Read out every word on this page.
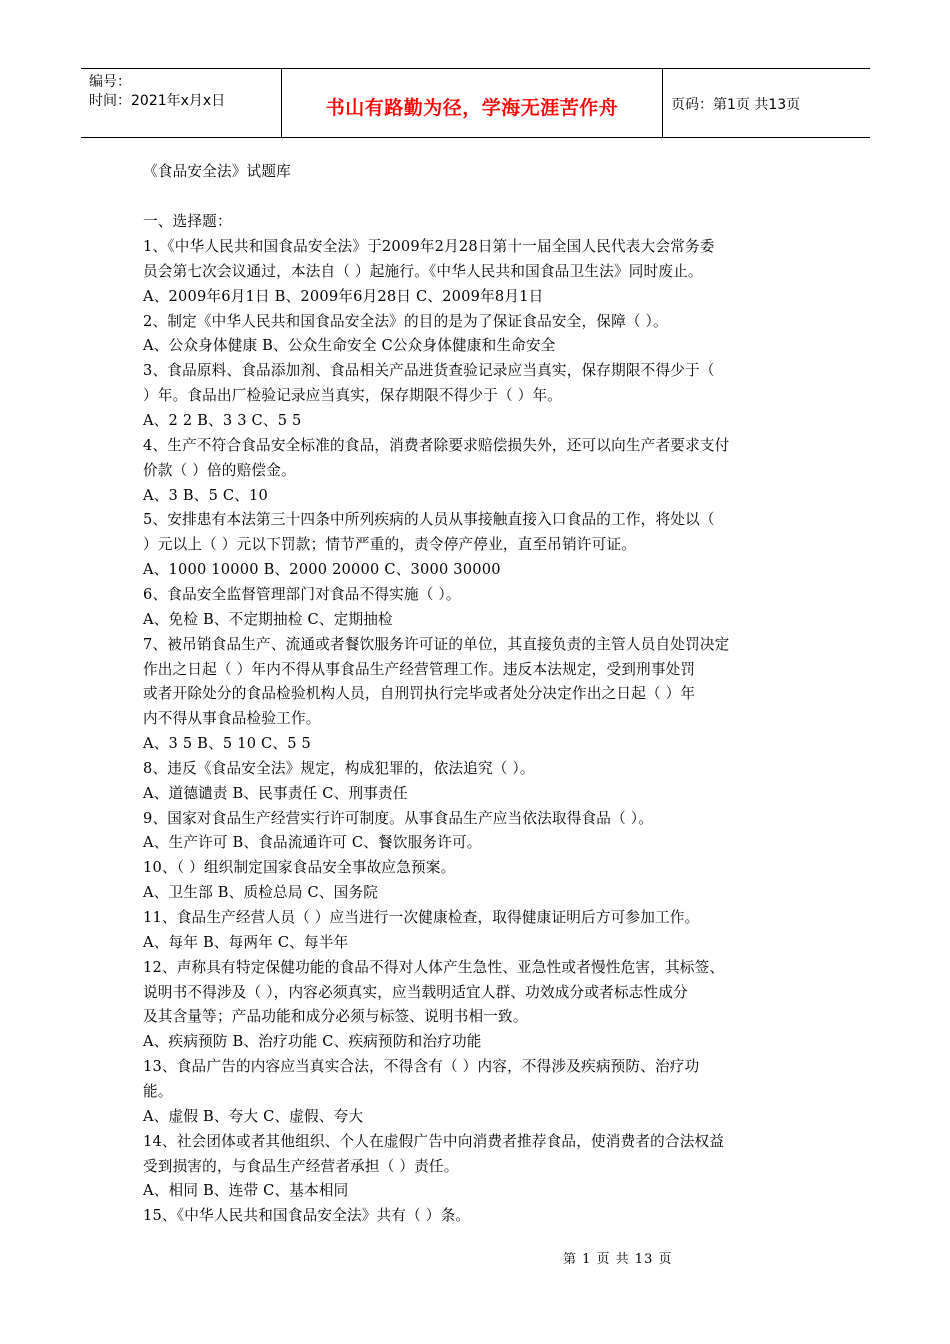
编号：
时间：2021年x月x日	书山有路勤为径，学海无涯苦作舟	页码：第1页 共13页
《食品安全法》试题库
一、选择题：
1、《中华人民共和国食品安全法》于2009年2月28日第十一届全国人民代表大会常务委
员会第七次会议通过，本法自（ ）起施行。《中华人民共和国食品卫生法》同时废止。
A、2009年6月1日 B、2009年6月28日 C、2009年8月1日
2、制定《中华人民共和国食品安全法》的目的是为了保证食品安全，保障（ ）。
A、公众身体健康 B、公众生命安全 C公众身体健康和生命安全
3、食品原料、食品添加剂、食品相关产品进货查验记录应当真实，保存期限不得少于（
）年。食品出厂检验记录应当真实，保存期限不得少于（ ）年。
A、2 2 B、3 3 C、5 5
4、生产不符合食品安全标准的食品，消费者除要求赔偿损失外，还可以向生产者要求支付
价款（ ）倍的赔偿金。
A、3 B、5 C、10
5、安排患有本法第三十四条中所列疾病的人员从事接触直接入口食品的工作，将处以（
）元以上（ ）元以下罚款；情节严重的，责令停产停业，直至吊销许可证。
A、1000 10000 B、2000 20000 C、3000 30000
6、食品安全监督管理部门对食品不得实施（ ）。
A、免检 B、不定期抽检 C、定期抽检
7、被吊销食品生产、流通或者餐饮服务许可证的单位，其直接负责的主管人员自处罚决定
作出之日起（ ）年内不得从事食品生产经营管理工作。违反本法规定，受到刑事处罚
或者开除处分的食品检验机构人员，自刑罚执行完毕或者处分决定作出之日起（ ）年
内不得从事食品检验工作。
A、3 5 B、5 10 C、5 5
8、违反《食品安全法》规定，构成犯罪的，依法追究（ ）。
A、道德谴责 B、民事责任 C、刑事责任
9、国家对食品生产经营实行许可制度。从事食品生产应当依法取得食品（ ）。
A、生产许可 B、食品流通许可 C、餐饮服务许可。
10、（ ）组织制定国家食品安全事故应急预案。
A、卫生部 B、质检总局 C、国务院
11、食品生产经营人员（ ）应当进行一次健康检查，取得健康证明后方可参加工作。
A、每年 B、每两年 C、每半年
12、声称具有特定保健功能的食品不得对人体产生急性、亚急性或者慢性危害，其标签、
说明书不得涉及（ ），内容必须真实，应当载明适宜人群、功效成分或者标志性成分
及其含量等；产品功能和成分必须与标签、说明书相一致。
A、疾病预防 B、治疗功能 C、疾病预防和治疗功能
13、食品广告的内容应当真实合法，不得含有（ ）内容，不得涉及疾病预防、治疗功
能。
A、虚假 B、夸大 C、虚假、夸大
14、社会团体或者其他组织、个人在虚假广告中向消费者推荐食品，使消费者的合法权益
受到损害的，与食品生产经营者承担（ ）责任。
A、相同 B、连带 C、基本相同
15、《中华人民共和国食品安全法》共有（ ）条。
第 1 页 共 13 页
